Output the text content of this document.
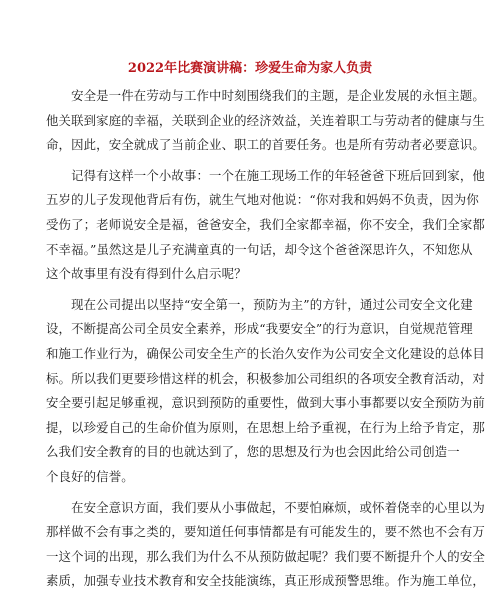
2022年比赛演讲稿：珍爱生命为家人负责
　　安全是一件在劳动与工作中时刻围绕我们的主题，是企业发展的永恒主题。
他关联到家庭的幸福，关联到企业的经济效益，关连着职工与劳动者的健康与生
命，因此，安全就成了当前企业、职工的首要任务。也是所有劳动者必要意识。
　　记得有这样一个小故事：一个在施工现场工作的年轻爸爸下班后回到家，他
五岁的儿子发现他背后有伤，就生气地对他说：“你对我和妈妈不负责，因为你
受伤了；老师说安全是福，爸爸安全，我们全家都幸福，你不安全，我们全家都
不幸福。”虽然这是儿子充满童真的一句话，却令这个爸爸深思许久，不知您从
这个故事里有没有得到什么启示呢？
　　现在公司提出以坚持“安全第一，预防为主”的方针，通过公司安全文化建
设，不断提高公司全员安全素养，形成“我要安全”的行为意识，自觉规范管理
和施工作业行为，确保公司安全生产的长治久安作为公司安全文化建设的总体目
标。所以我们更要珍惜这样的机会，积极参加公司组织的各项安全教育活动，对
安全要引起足够重视，意识到预防的重要性，做到大事小事都要以安全预防为前
提，以珍爱自己的生命价值为原则，在思想上给予重视，在行为上给予肯定，那
么我们安全教育的目的也就达到了，您的思想及行为也会因此给公司创造一
个良好的信誉。
　　在安全意识方面，我们要从小事做起，不要怕麻烦，或怀着侥幸的心里以为
那样做不会有事之类的，要知道任何事情都是有可能发生的，要不然也不会有万
一这个词的出现，那么我们为什么不从预防做起呢？我们要不断提升个人的安全
素质，加强专业技术教育和安全技能演练，真正形成预警思维。作为施工单位，
